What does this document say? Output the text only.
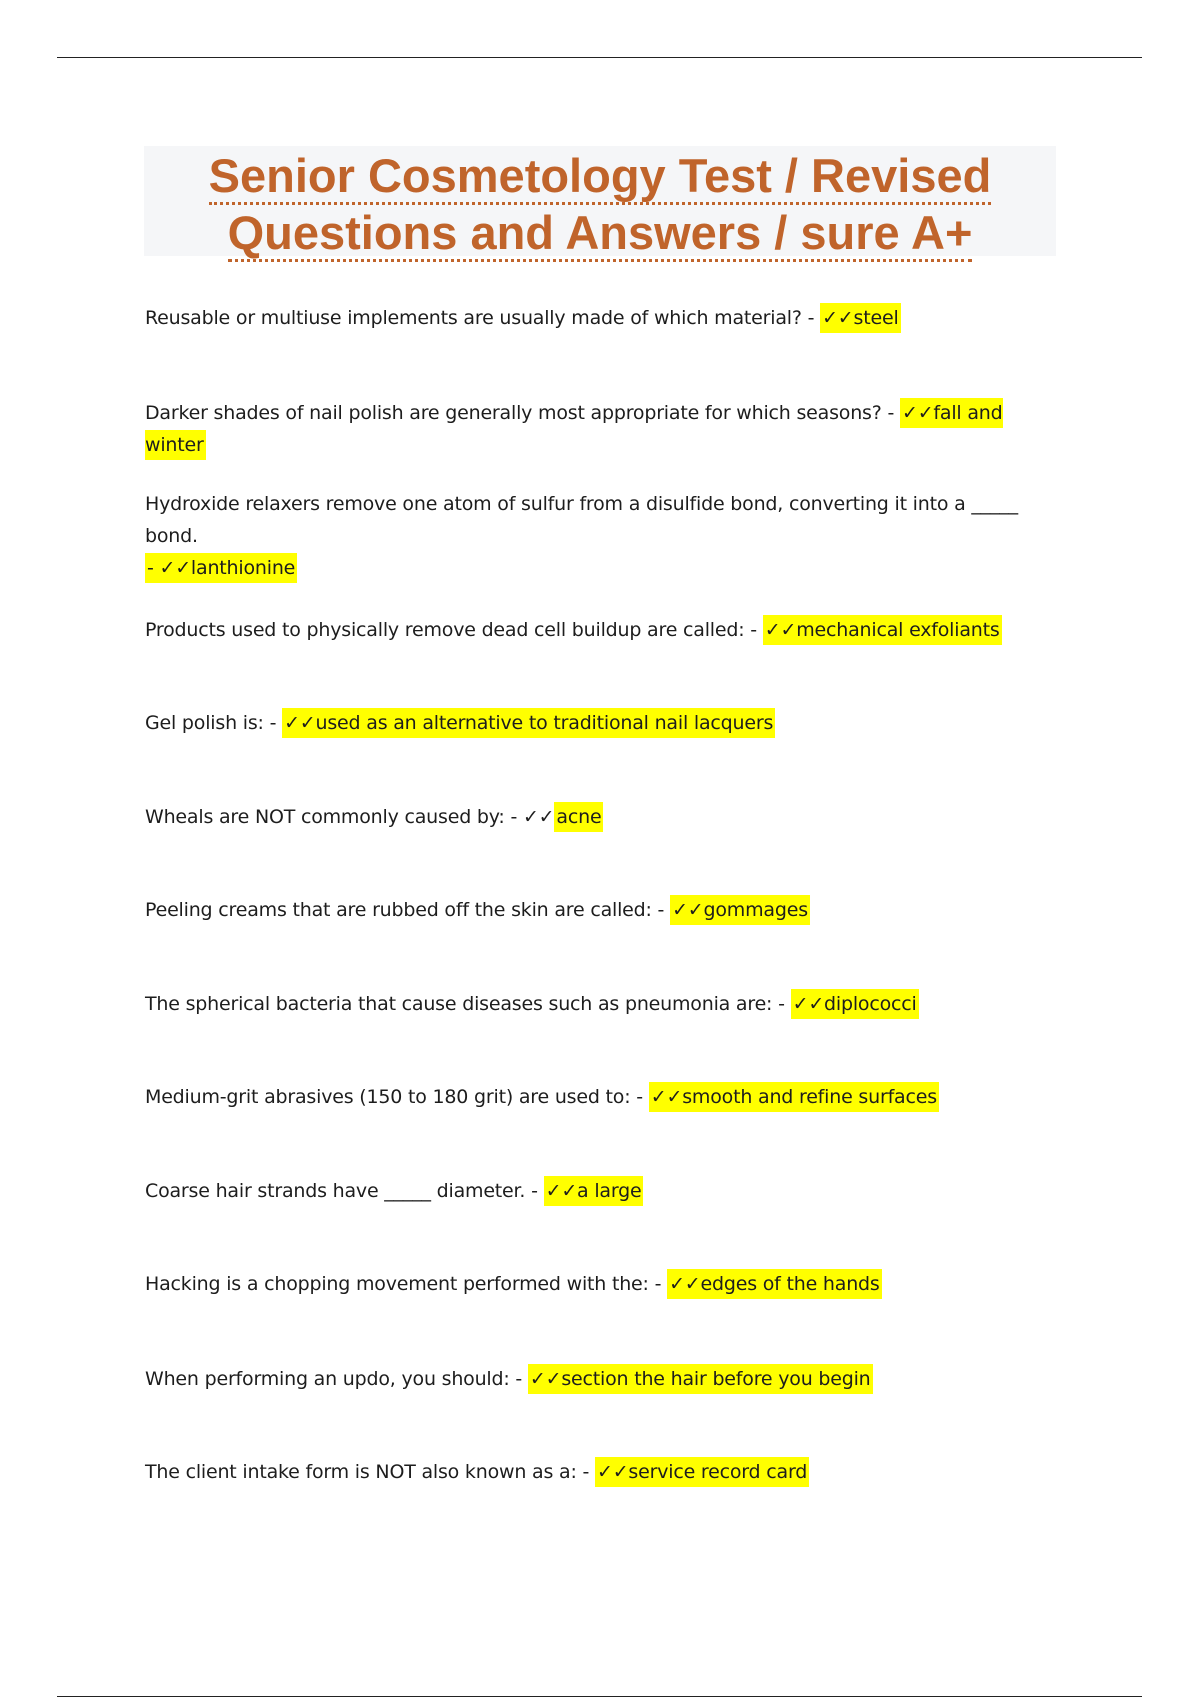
Senior Cosmetology Test / Revised
Questions and Answers / sure A+
Reusable or multiuse implements are usually made of which material? - ✓✓steel
Darker shades of nail polish are generally most appropriate for which seasons? - ✓✓fall and winter
Hydroxide relaxers remove one atom of sulfur from a disulfide bond, converting it into a _____ bond.
- ✓✓lanthionine
Products used to physically remove dead cell buildup are called: - ✓✓mechanical exfoliants
Gel polish is: - ✓✓used as an alternative to traditional nail lacquers
Wheals are NOT commonly caused by: - ✓✓ acne
Peeling creams that are rubbed off the skin are called: - ✓✓gommages
The spherical bacteria that cause diseases such as pneumonia are: - ✓✓diplococci
Medium-grit abrasives (150 to 180 grit) are used to: - ✓✓smooth and refine surfaces
Coarse hair strands have _____ diameter. - ✓✓a large
Hacking is a chopping movement performed with the: - ✓✓edges of the hands
When performing an updo, you should: - ✓✓section the hair before you begin
The client intake form is NOT also known as a: - ✓✓service record card
